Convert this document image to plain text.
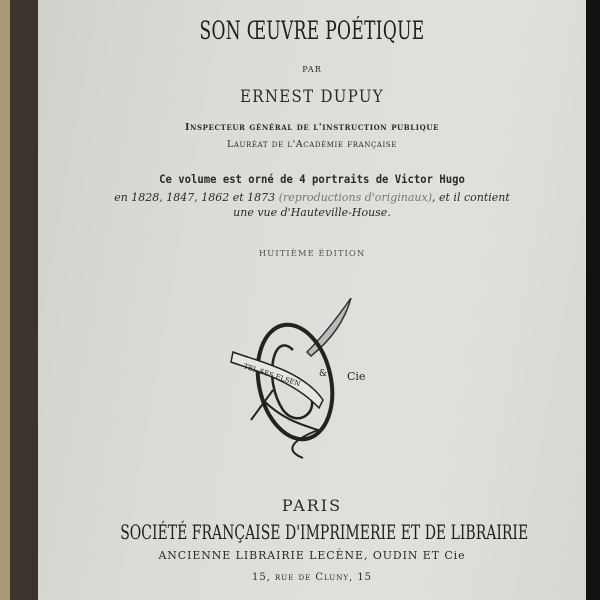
SON ŒUVRE POÉTIQUE
PAR
ERNEST DUPUY
Inspecteur général de l'instruction publique
Lauréat de l'Académie française
Ce volume est orné de 4 portraits de Victor Hugo
en 1828, 1847, 1862 et 1873 (reproductions d'originaux), et il contient
une vue d'Hauteville-House.
HUITIÈME ÉDITION
TEL SES ELSEN & Cie
PARIS
SOCIÉTÉ FRANÇAISE D'IMPRIMERIE ET DE LIBRAIRIE
ANCIENNE LIBRAIRIE LECÈNE, OUDIN ET Cie
15, rue de Cluny, 15
